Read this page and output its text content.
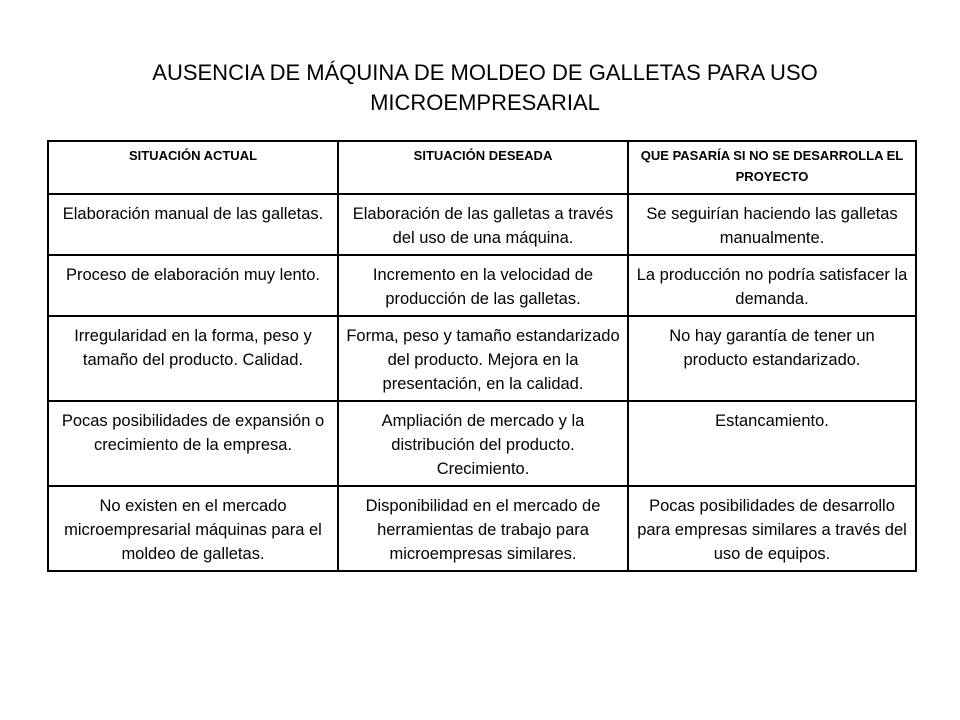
AUSENCIA DE MÁQUINA DE MOLDEO DE GALLETAS PARA USO
MICROEMPRESARIAL
SITUACIÓN ACTUAL	SITUACIÓN DESEADA	QUE PASARÍA SI NO SE DESARROLLA EL PROYECTO
Elaboración manual de las galletas.	Elaboración de las galletas a través del uso de una máquina.	Se seguirían haciendo las galletas manualmente.
Proceso de elaboración muy lento.	Incremento en la velocidad de producción de las galletas.	La producción no podría satisfacer la demanda.
Irregularidad en la forma, peso y tamaño del producto. Calidad.	Forma, peso y tamaño estandarizado del producto. Mejora en la presentación, en la calidad.	No hay garantía de tener un producto estandarizado.
Pocas posibilidades de expansión o crecimiento de la empresa.	Ampliación de mercado y la distribución del producto. Crecimiento.	Estancamiento.
No existen en el mercado microempresarial máquinas para el moldeo de galletas.	Disponibilidad en el mercado de herramientas de trabajo para microempresas similares.	Pocas posibilidades de desarrollo para empresas similares a través del uso de equipos.
